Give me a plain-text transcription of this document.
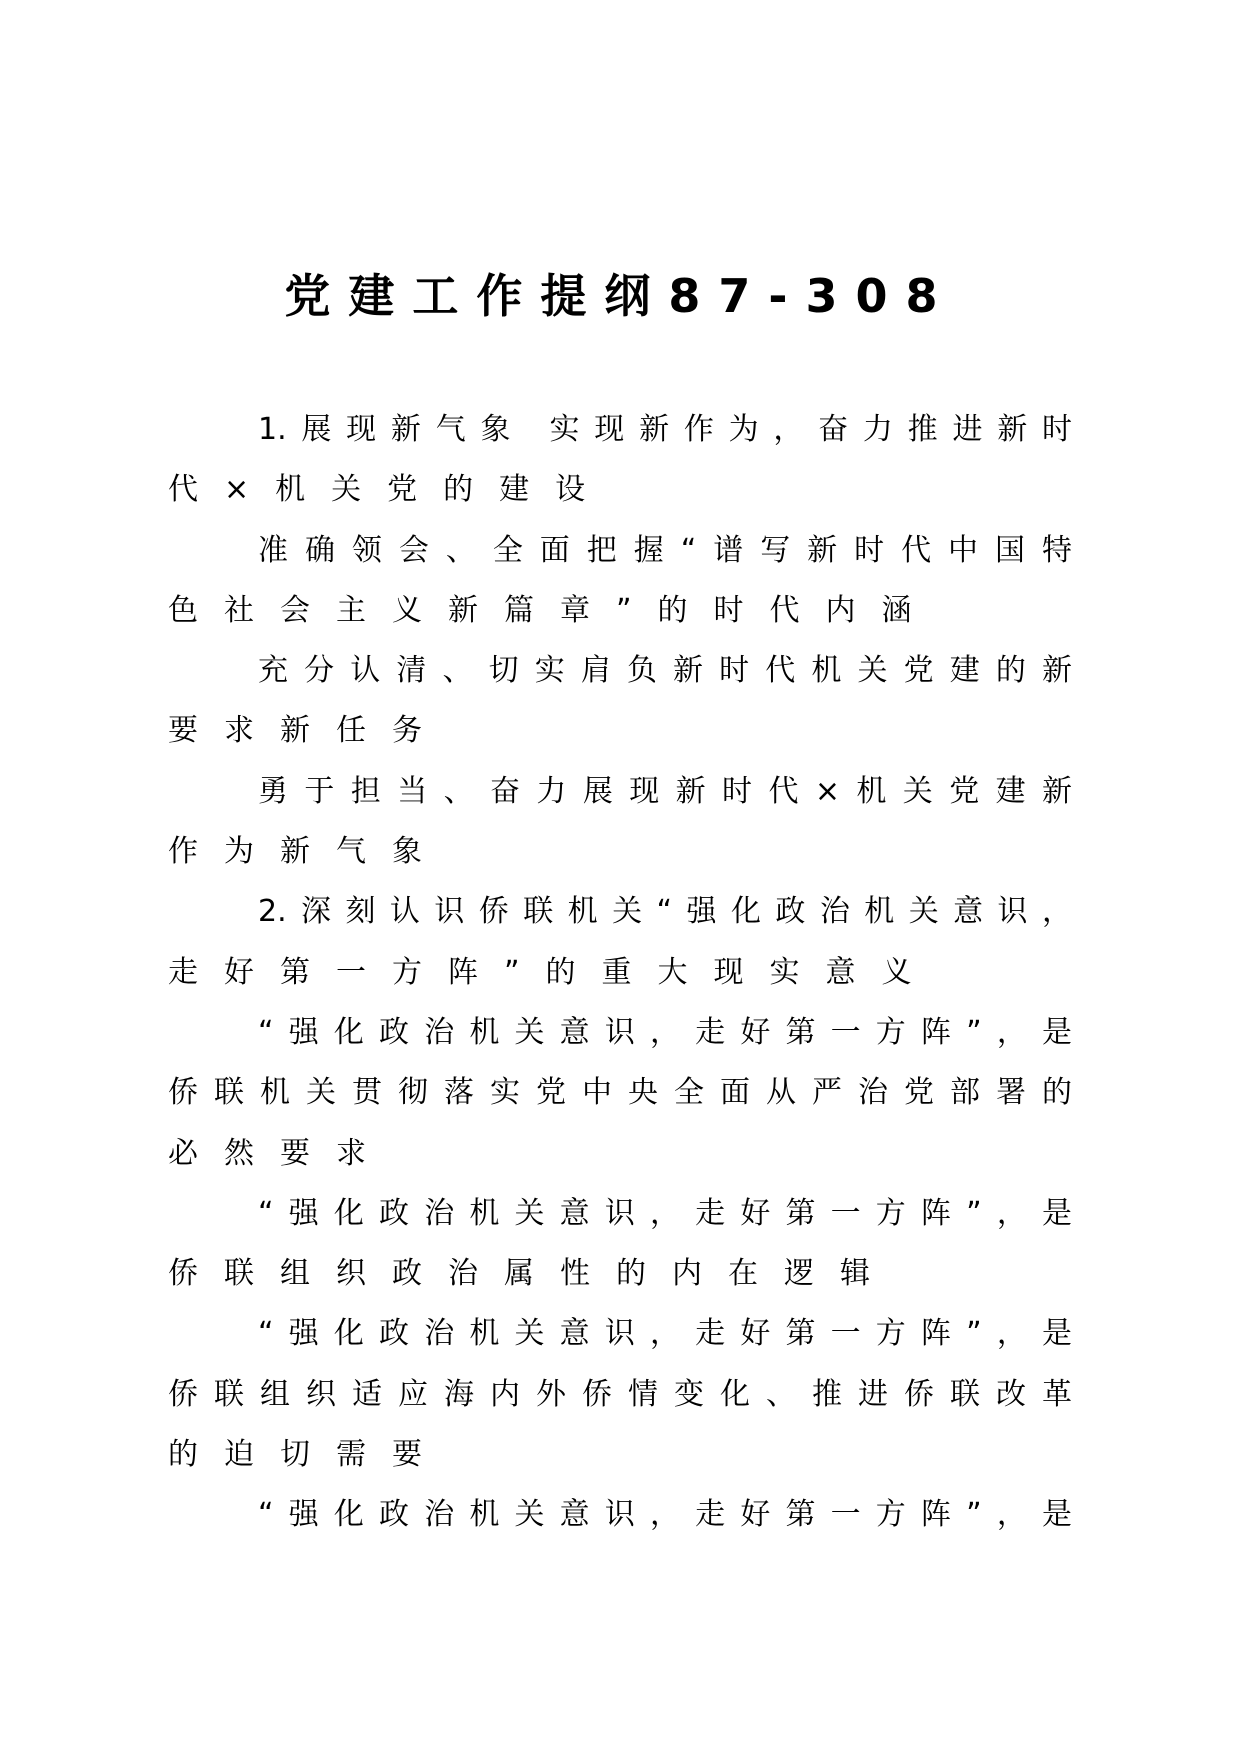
党建工作提纲87-308
1.展现新气象 实现新作为，奋力推进新时
代×机关党的建设
准确领会、全面把握“谱写新时代中国特
色社会主义新篇章”的时代内涵
充分认清、切实肩负新时代机关党建的新
要求新任务
勇于担当、奋力展现新时代×机关党建新
作为新气象
2.深刻认识侨联机关“强化政治机关意识，
走好第一方阵”的重大现实意义
“强化政治机关意识，走好第一方阵”，是
侨联机关贯彻落实党中央全面从严治党部署的
必然要求
“强化政治机关意识，走好第一方阵”，是
侨联组织政治属性的内在逻辑
“强化政治机关意识，走好第一方阵”，是
侨联组织适应海内外侨情变化、推进侨联改革
的迫切需要
“强化政治机关意识，走好第一方阵”，是
